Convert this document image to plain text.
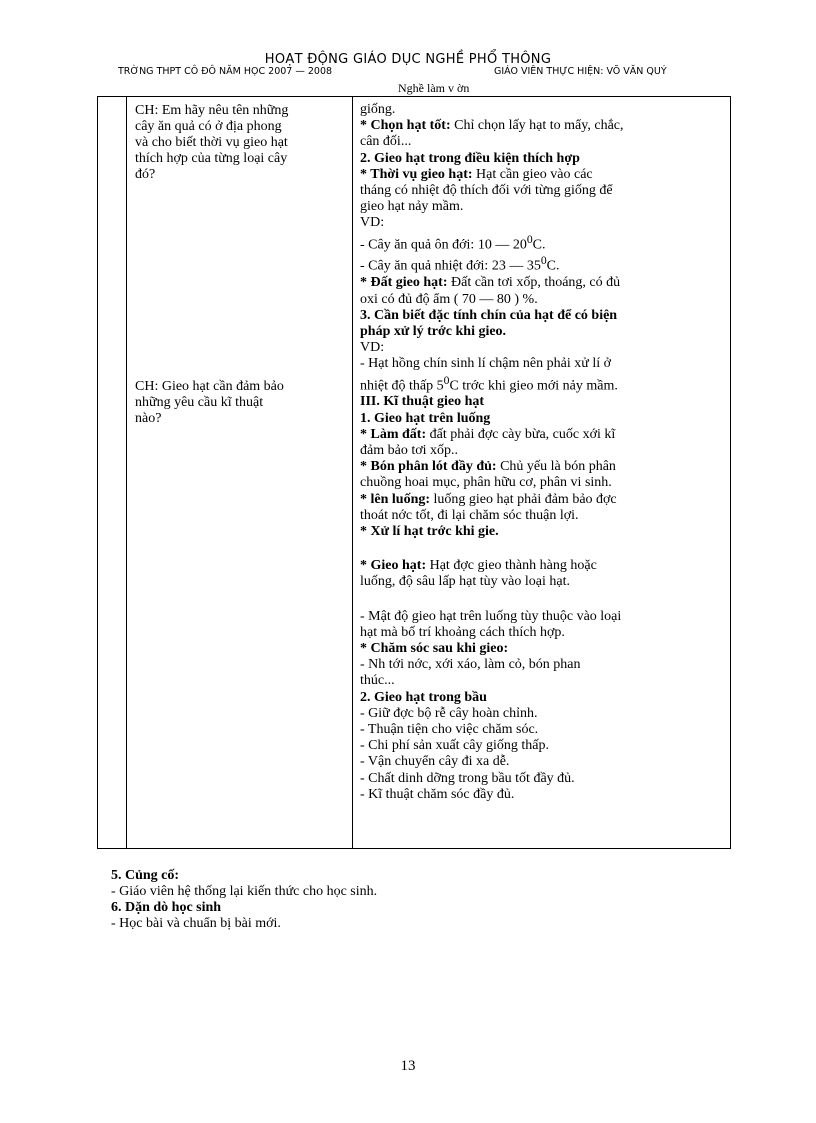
HOẠT ĐỘNG GIÁO DỤC NGHỀ PHỔ THÔNG
TRỜNG THPT CÔ ĐÔ NĂM HỌC 2007 — 2008	GIÁO VIÊN THỰC HIỆN: VÕ VĂN QUÝ
Nghề làm v ờn
CH: Em hãy nêu tên những
cây ăn quả có ở địa phong
và cho biết thời vụ gieo hạt
thích hợp của từng loại cây
đó?
CH: Gieo hạt cần đảm bảo
những yêu cầu kĩ thuật
nào?
giống.
* Chọn hạt tốt: Chỉ chọn lấy hạt to mẩy, chắc,
cân đối...
2. Gieo hạt trong điều kiện thích hợp
* Thời vụ gieo hạt: Hạt cần gieo vào các
tháng có nhiệt độ thích đối với từng giống để
gieo hạt nảy mầm.
VD:
- Cây ăn quả ôn đới: 10 — $20^0C$.
- Cây ăn quả nhiệt đới: 23 — $35^0C$.
* Đất gieo hạt: Đất cần tơi xốp, thoáng, có đủ
oxi có đủ độ ẩm ( 70 — 80 ) %.
3. Cần biết đặc tính chín của hạt để có biện
pháp xử lý trớc khi gieo.
VD:
- Hạt hồng chín sinh lí chậm nên phải xử lí ở
nhiệt độ thấp $5^0C$ trớc khi gieo mới nảy mầm.
III. Kĩ thuật gieo hạt
1. Gieo hạt trên luống
* Làm đất: đất phải đợc cày bừa, cuốc xới kĩ
đảm bảo tơi xốp..
* Bón phân lót đầy đủ: Chủ yếu là bón phân
chuồng hoai mục, phân hữu cơ, phân vi sinh.
* lên luống: luống gieo hạt phải đảm bảo đợc
thoát nớc tốt, đi lại chăm sóc thuận lợi.
* Xử lí hạt trớc khi gie.
* Gieo hạt: Hạt đợc gieo thành hàng hoặc
luống, độ sâu lấp hạt tùy vào loại hạt.
- Mật độ gieo hạt trên luống tùy thuộc vào loại
hạt mà bố trí khoảng cách thích hợp.
* Chăm sóc sau khi gieo:
- Nh tới nớc, xới xáo, làm cỏ, bón phan
thúc...
2. Gieo hạt trong bầu
- Giữ đợc bộ rễ cây hoàn chỉnh.
- Thuận tiện cho việc chăm sóc.
- Chi phí sản xuất cây giống thấp.
- Vận chuyển cây đi xa dễ.
- Chất dinh dỡng trong bầu tốt đầy đủ.
- Kĩ thuật chăm sóc đầy đủ.
5. Củng cố:
- Giáo viên hệ thống lại kiến thức cho học sinh.
6. Dặn dò học sinh
- Học bài và chuẩn bị bài mới.
13
